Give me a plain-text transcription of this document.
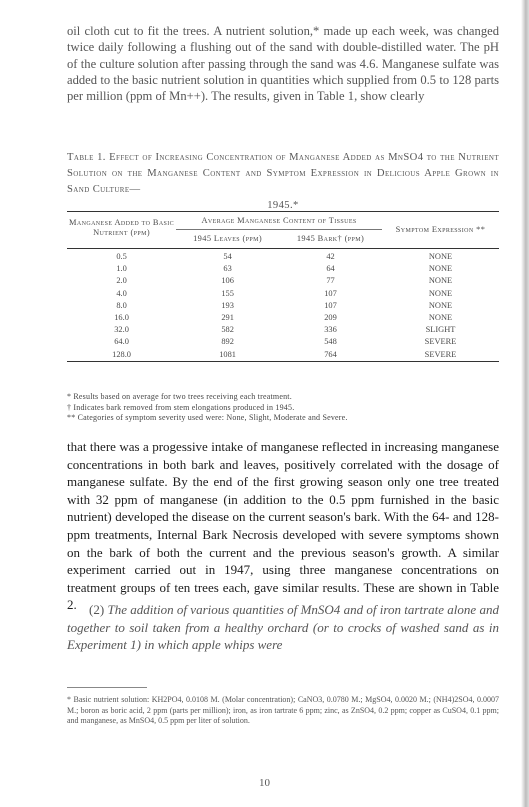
oil cloth cut to fit the trees. A nutrient solution,* made up each week, was changed twice daily following a flushing out of the sand with double-distilled water. The pH of the culture solution after passing through the sand was 4.6. Manganese sulfate was added to the basic nutrient solution in quantities which supplied from 0.5 to 128 parts per million (ppm of Mn++). The results, given in Table 1, show clearly

Table 1. Effect of Increasing Concentration of Manganese Added as MnSO4 to the Nutrient Solution on the Manganese Content and Symptom Expression in Delicious Apple Grown in Sand Culture—
1945.*

Manganese Added to Basic Nutrient (ppm)	Average Manganese Content of Tissues		Symptom Expression **
	1945 Leaves (ppm)	1945 Bark† (ppm)	
0.5	54	42	NONE
1.0	63	64	NONE
2.0	106	77	NONE
4.0	155	107	NONE
8.0	193	107	NONE
16.0	291	209	NONE
32.0	582	336	SLIGHT
64.0	892	548	SEVERE
128.0	1081	764	SEVERE

* Results based on average for two trees receiving each treatment.

† Indicates bark removed from stem elongations produced in 1945.

** Categories of symptom severity used were: None, Slight, Moderate and Severe.

that there was a progessive intake of manganese reflected in increasing manganese concentrations in both bark and leaves, positively correlated with the dosage of manganese sulfate. By the end of the first growing season only one tree treated with 32 ppm of manganese (in addition to the 0.5 ppm furnished in the basic nutrient) developed the disease on the current season's bark. With the 64- and 128-ppm treatments, Internal Bark Necrosis developed with severe symptoms shown on the bark of both the current and the previous season's growth. A similar experiment carried out in 1947, using three manganese concentrations on treatment groups of ten trees each, gave similar results. These are shown in Table 2. (2) The addition of various quantities of MnSO4 and of iron tartrate alone and together to soil taken from a healthy orchard (or to crocks of washed sand as in Experiment 1) in which apple whips were

* Basic nutrient solution: KH2PO4, 0.0108 M. (Molar concentration); CaNO3, 0.0780 M.; MgSO4, 0.0020 M.; (NH4)2SO4, 0.0007 M.; boron as boric acid, 2 ppm (parts per million); iron, as iron tartrate 6 ppm; zinc, as ZnSO4, 0.2 ppm; copper as CuSO4, 0.1 ppm; and manganese, as MnSO4, 0.5 ppm per liter of solution.

10
